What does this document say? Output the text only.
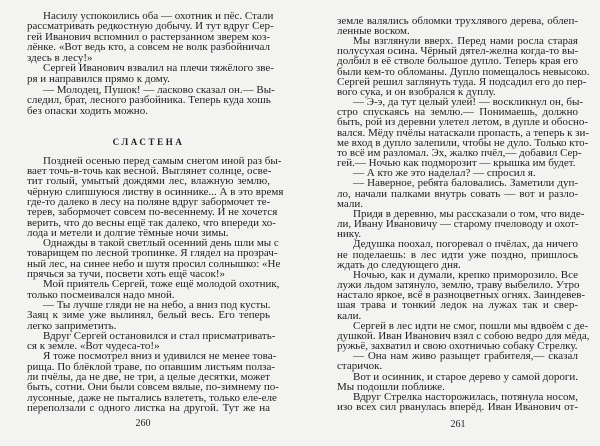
Насилу успокоились оба — охотник и пёс. Стали
рассматривать редкостную добычу. И тут вдруг Сер-
гей Иванович вспомнил о растерзанном зверем коз-
лёнке. «Вот ведь кто, а совсем не волк разбойничал
здесь в лесу!»
Сергей Иванович взвалил на плечи тяжёлого зве-
ря и направился прямо к дому.
— Молодец, Пушок! — ласково сказал он.— Вы-
следил, брат, лесного разбойника. Теперь куда хошь
без опаски ходить можно.
СЛАСТЕНА
Поздней осенью перед самым снегом иной раз бы-
вает точь-в-точь как весной. Выглянет солнце, осве-
тит голый, умытый дождями лес, влажную землю,
чёрную слипшуюся листву в осиннике... А в это время
где-то далеко в лесу на поляне вдруг забормочет те-
терев, забормочет совсем по-весеннему. И не хочется
верить, что до весны ещё так далеко, что впереди хо-
лода и метели и долгие тёмные ночи зимы.
Однажды в такой светлый осенний день шли мы с
товарищем по лесной тропинке. Я глядел на прозрач-
ный лес, на синее небо и шутя просил солнышко: «Не
прячься за тучи, посвети хоть ещё часок!»
Мой приятель Сергей, тоже ещё молодой охотник,
только посмеивался надо мной.
— Ты лучше гляди не на небо, а вниз под кусты.
Заяц к зиме уже вылинял, белый весь. Его теперь
легко заприметить.
Вдруг Сергей остановился и стал присматривать-
ся к земле. «Вот чудеса-то!»
Я тоже посмотрел вниз и удивился не менее това-
рища. По блёклой траве, по опавшим листьям полза-
ли пчёлы, да не две, не три, а целые десятки, может
быть, сотни. Они были совсем вялые, по-зимнему по-
лусонные, даже не пытались взлететь, только еле-еле
переползали с одного листка на другой. Тут же на
260
земле валялись обломки трухлявого дерева, облеп-
ленные воском.
Мы взглянули вверх. Перед нами росла старая
полусухая осина. Чёрный дятел-желна когда-то вы-
долбил в её стволе большое дупло. Теперь края его
были кем-то обломаны. Дупло помещалось невысоко.
Сергей решил заглянуть туда. Я подсадил его до пер-
вого сука, и он взобрался к дуплу.
— Э-э, да тут целый улей! — воскликнул он, бы-
стро спускаясь на землю.— Понимаешь, должно
быть, рой из деревни улетел летом, в дупле и обосно-
вался. Мёду пчёлы натаскали пропасть, а теперь к зи-
ме вход в дупло залепили, чтобы не дуло. Только кто-
то всё им разломал. Эх, жалко пчёл,— добавил Сер-
гей.— Ночью как подморозит — крышка им будет.
— А кто же это наделал? — спросил я.
— Наверное, ребята баловались. Заметили дуп-
ло, начали палками внутрь совать — вот и разло-
мали.
Придя в деревню, мы рассказали о том, что виде-
ли, Ивану Ивановичу — старому пчеловоду и охот-
нику.
Дедушка поохал, погоревал о пчёлах, да ничего
не поделаешь: в лес идти уже поздно, пришлось
ждать до следующего дня.
Ночью, как и думали, крепко приморозило. Все
лужи льдом затянуло, землю, траву выбелило. Утро
настало яркое, всё в разноцветных огнях. Заиндевев-
шая трава и тонкий ледок на лужах так и свер-
кали.
Сергей в лес идти не смог, пошли мы вдвоём с де-
душкой. Иван Иванович взял с собою ведро для мёда,
ружьё, захватил и свою охотничью собаку Стрелку.
— Она нам живо разыщет грабителя,— сказал
старичок.
Вот и осинник, и старое дерево у самой дороги.
Мы подошли поближе.
Вдруг Стрелка насторожилась, потянула носом,
изо всех сил рванулась вперёд. Иван Иванович от-
261
